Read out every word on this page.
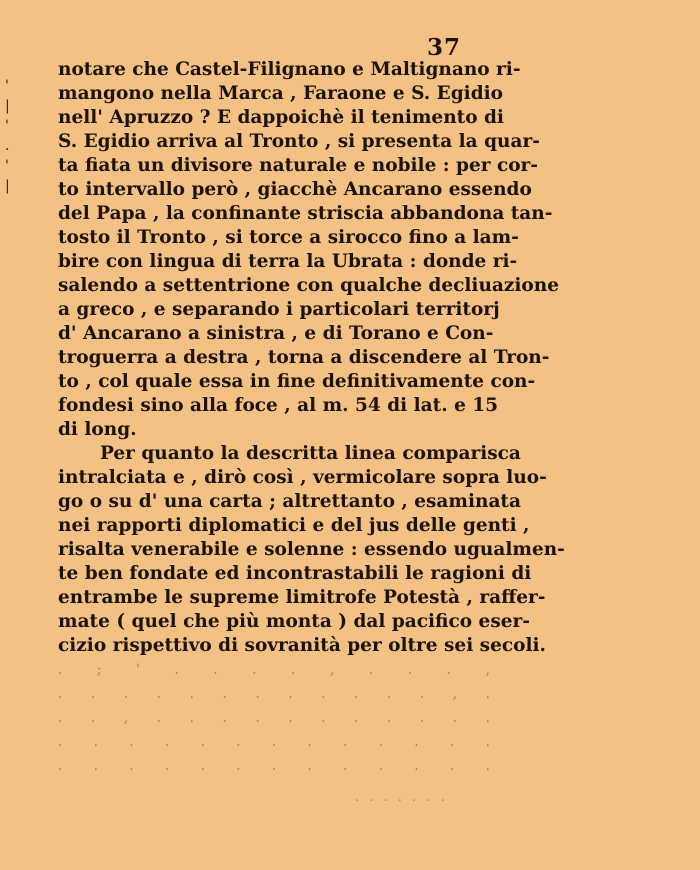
37
'
|
'
.
'
|
notare che Castel-Filignano e Maltignano ri-
mangono nella Marca , Faraone e S. Egidio
nell' Apruzzo ? E dappoichè il tenimento di
S. Egidio arriva al Tronto , si presenta la quar-
ta fiata un divisore naturale e nobile : per cor-
to intervallo però , giacchè Ancarano essendo
del Papa , la confinante striscia abbandona tan-
tosto il Tronto , si torce a sirocco fino a lam-
bire con lingua di terra la Ubrata : donde ri-
salendo a settentrione con qualche decliuazione
a greco , e separando i particolari territorj
d' Ancarano a sinistra , e di Torano e Con-
troguerra a destra , torna a discendere al Tron-
to , col quale essa in fine definitivamente con-
fondesi sino alla foce , al m. 54 di lat. e 15
di long.
Per quanto la descritta linea comparisca
intralciata e , dirò così , vermicolare sopra luo-
go o su d' una carta ; altrettanto , esaminata
nei rapporti diplomatici e del jus delle genti ,
risalta venerabile e solenne : essendo ugualmen-
te ben fondate ed incontrastabili le ragioni di
entrambe le supreme limitrofe Potestà , raffer-
mate ( quel che più monta ) dal pacifico eser-
cizio rispettivo di sovranità per oltre sei secoli.
. ; ' . . . . , . . . ,
. . . . . . . . . . . . , .
. . , . . . . . . . . . . .
. . . . . . . . . . . . .
. . . . . . . . . . . . .
. . . . . . .
